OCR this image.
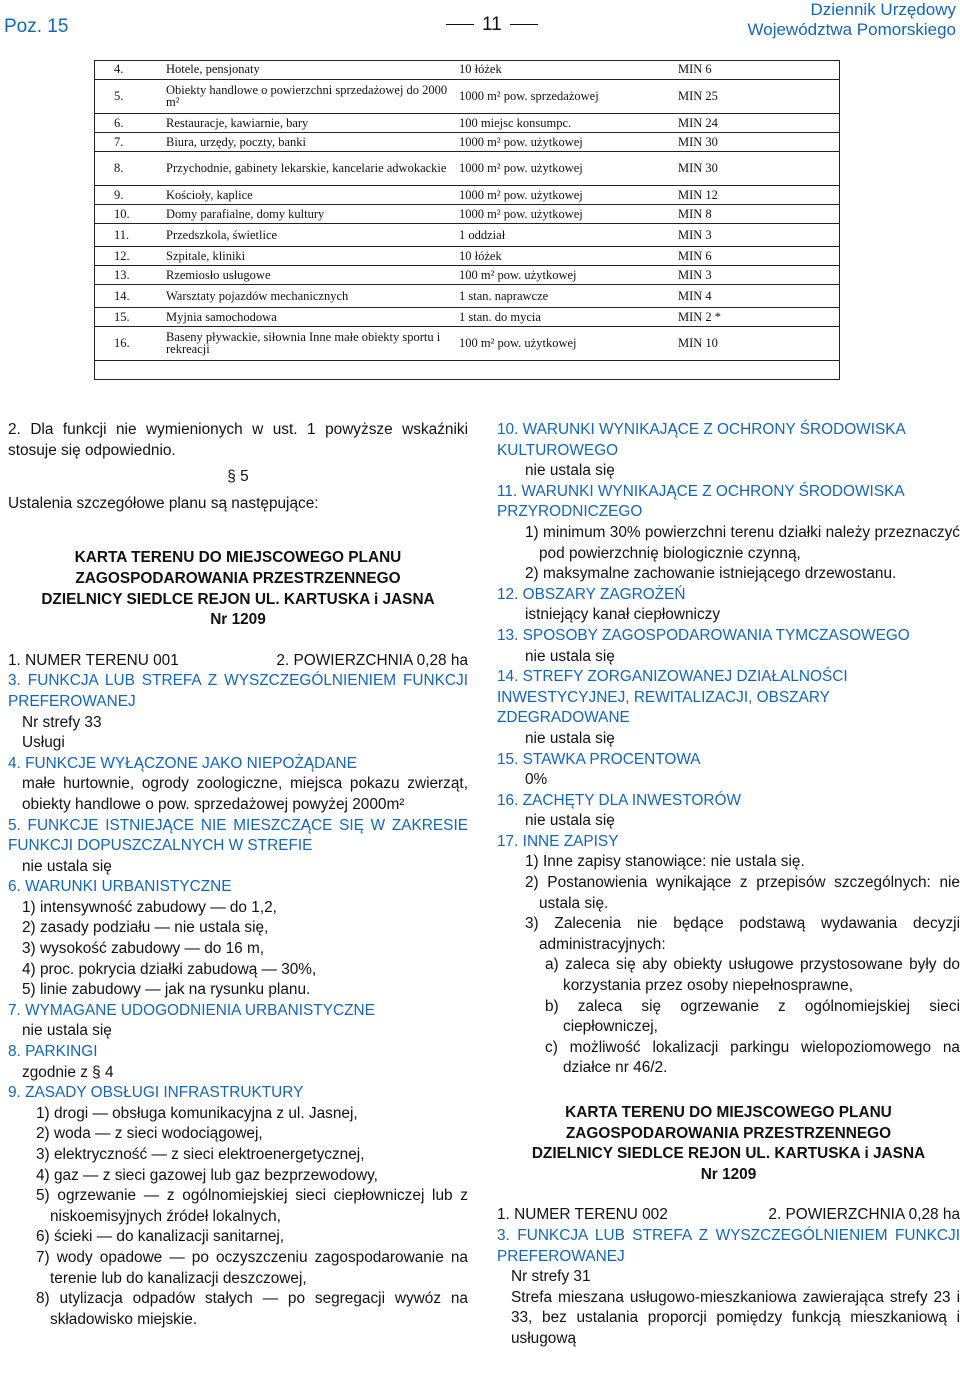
Poz. 15	11
Dziennik Urzędowy
Województwa Pomorskiego
4.	Hotele, pensjonaty	10 łóżek	MIN 6
5.	Obiekty handlowe o powierzchni sprzedażowej do 2000 m²	1000 m² pow. sprzedażowej	MIN 25
6.	Restauracje, kawiarnie, bary	100 miejsc konsumpc.	MIN 24
7.	Biura, urzędy, poczty, banki	1000 m² pow. użytkowej	MIN 30
8.	Przychodnie, gabinety lekarskie, kancelarie adwokackie	1000 m² pow. użytkowej	MIN 30
9.	Kościoły, kaplice	1000 m² pow. użytkowej	MIN 12
10.	Domy parafialne, domy kultury	1000 m² pow. użytkowej	MIN 8
11.	Przedszkola, świetlice	1 oddział	MIN 3
12.	Szpitale, kliniki	10 łóżek	MIN 6
13.	Rzemiosło usługowe	100 m² pow. użytkowej	MIN 3
14.	Warsztaty pojazdów mechanicznych	1 stan. naprawcze	MIN 4
15.	Myjnia samochodowa	1 stan. do mycia	MIN 2 *
16.	Baseny pływackie, siłownia Inne małe obiekty sportu i rekreacji	100 m² pow. użytkowej	MIN 10

2. Dla funkcji nie wymienionych w ust. 1 powyższe wskaźniki stosuje się odpowiednio.

§ 5

Ustalenia szczegółowe planu są następujące:

KARTA TERENU DO MIEJSCOWEGO PLANU
ZAGOSPODAROWANIA PRZESTRZENNEGO
DZIELNICY SIEDLCE REJON UL. KARTUSKA i JASNA
Nr 1209
1. NUMER TERENU 001	2. POWIERZCHNIA 0,28 ha

3. FUNKCJA LUB STREFA Z WYSZCZEGÓLNIENIEM FUNKCJI PREFEROWANEJ

Nr strefy 33

Usługi

4. FUNKCJE WYŁĄCZONE JAKO NIEPOŻĄDANE

małe hurtownie, ogrody zoologiczne, miejsca pokazu zwierząt, obiekty handlowe o pow. sprzedażowej powyżej 2000m²

5. FUNKCJE ISTNIEJĄCE NIE MIESZCZĄCE SIĘ W ZAKRESIE FUNKCJI DOPUSZCZALNYCH W STREFIE

nie ustala się

6. WARUNKI URBANISTYCZNE

1) intensywność zabudowy — do 1,2,

2) zasady podziału — nie ustala się,

3) wysokość zabudowy — do 16 m,

4) proc. pokrycia działki zabudową — 30%,

5) linie zabudowy — jak na rysunku planu.

7. WYMAGANE UDOGODNIENIA URBANISTYCZNE

nie ustala się

8. PARKINGI

zgodnie z § 4

9. ZASADY OBSŁUGI INFRASTRUKTURY

1) drogi — obsługa komunikacyjna z ul. Jasnej,

2) woda — z sieci wodociągowej,

3) elektryczność — z sieci elektroenergetycznej,

4) gaz — z sieci gazowej lub gaz bezprzewodowy,

5) ogrzewanie — z ogólnomiejskiej sieci ciepłowniczej lub z niskoemisyjnych źródeł lokalnych,

6) ścieki — do kanalizacji sanitarnej,

7) wody opadowe — po oczyszczeniu zagospodarowanie na terenie lub do kanalizacji deszczowej,

8) utylizacja odpadów stałych — po segregacji wywóz na składowisko miejskie.

10. WARUNKI WYNIKAJĄCE Z OCHRONY ŚRODOWISKA KULTUROWEGO

nie ustala się

11. WARUNKI WYNIKAJĄCE Z OCHRONY ŚRODOWISKA PRZYRODNICZEGO

1) minimum 30% powierzchni terenu działki należy przeznaczyć pod powierzchnię biologicznie czynną,

2) maksymalne zachowanie istniejącego drzewostanu.

12. OBSZARY ZAGROŻEŃ

istniejący kanał ciepłowniczy

13. SPOSOBY ZAGOSPODAROWANIA TYMCZASOWEGO

nie ustala się

14. STREFY ZORGANIZOWANEJ DZIAŁALNOŚCI INWESTYCYJNEJ, REWITALIZACJI, OBSZARY ZDEGRADOWANE

nie ustala się

15. STAWKA PROCENTOWA

0%

16. ZACHĘTY DLA INWESTORÓW

nie ustala się

17. INNE ZAPISY

1) Inne zapisy stanowiące: nie ustala się.

2) Postanowienia wynikające z przepisów szczególnych: nie ustala się.

3) Zalecenia nie będące podstawą wydawania decyzji administracyjnych:

a) zaleca się aby obiekty usługowe przystosowane były do korzystania przez osoby niepełnosprawne,

b) zaleca się ogrzewanie z ogólnomiejskiej sieci ciepłowniczej,

c) możliwość lokalizacji parkingu wielopoziomowego na działce nr 46/2.

KARTA TERENU DO MIEJSCOWEGO PLANU
ZAGOSPODAROWANIA PRZESTRZENNEGO
DZIELNICY SIEDLCE REJON UL. KARTUSKA i JASNA
Nr 1209
1. NUMER TERENU 002	2. POWIERZCHNIA 0,28 ha

3. FUNKCJA LUB STREFA Z WYSZCZEGÓLNIENIEM FUNKCJI PREFEROWANEJ

Nr strefy 31

Strefa mieszana usługowo-mieszkaniowa zawierająca strefy 23 i 33, bez ustalania proporcji pomiędzy funkcją mieszkaniową i usługową
